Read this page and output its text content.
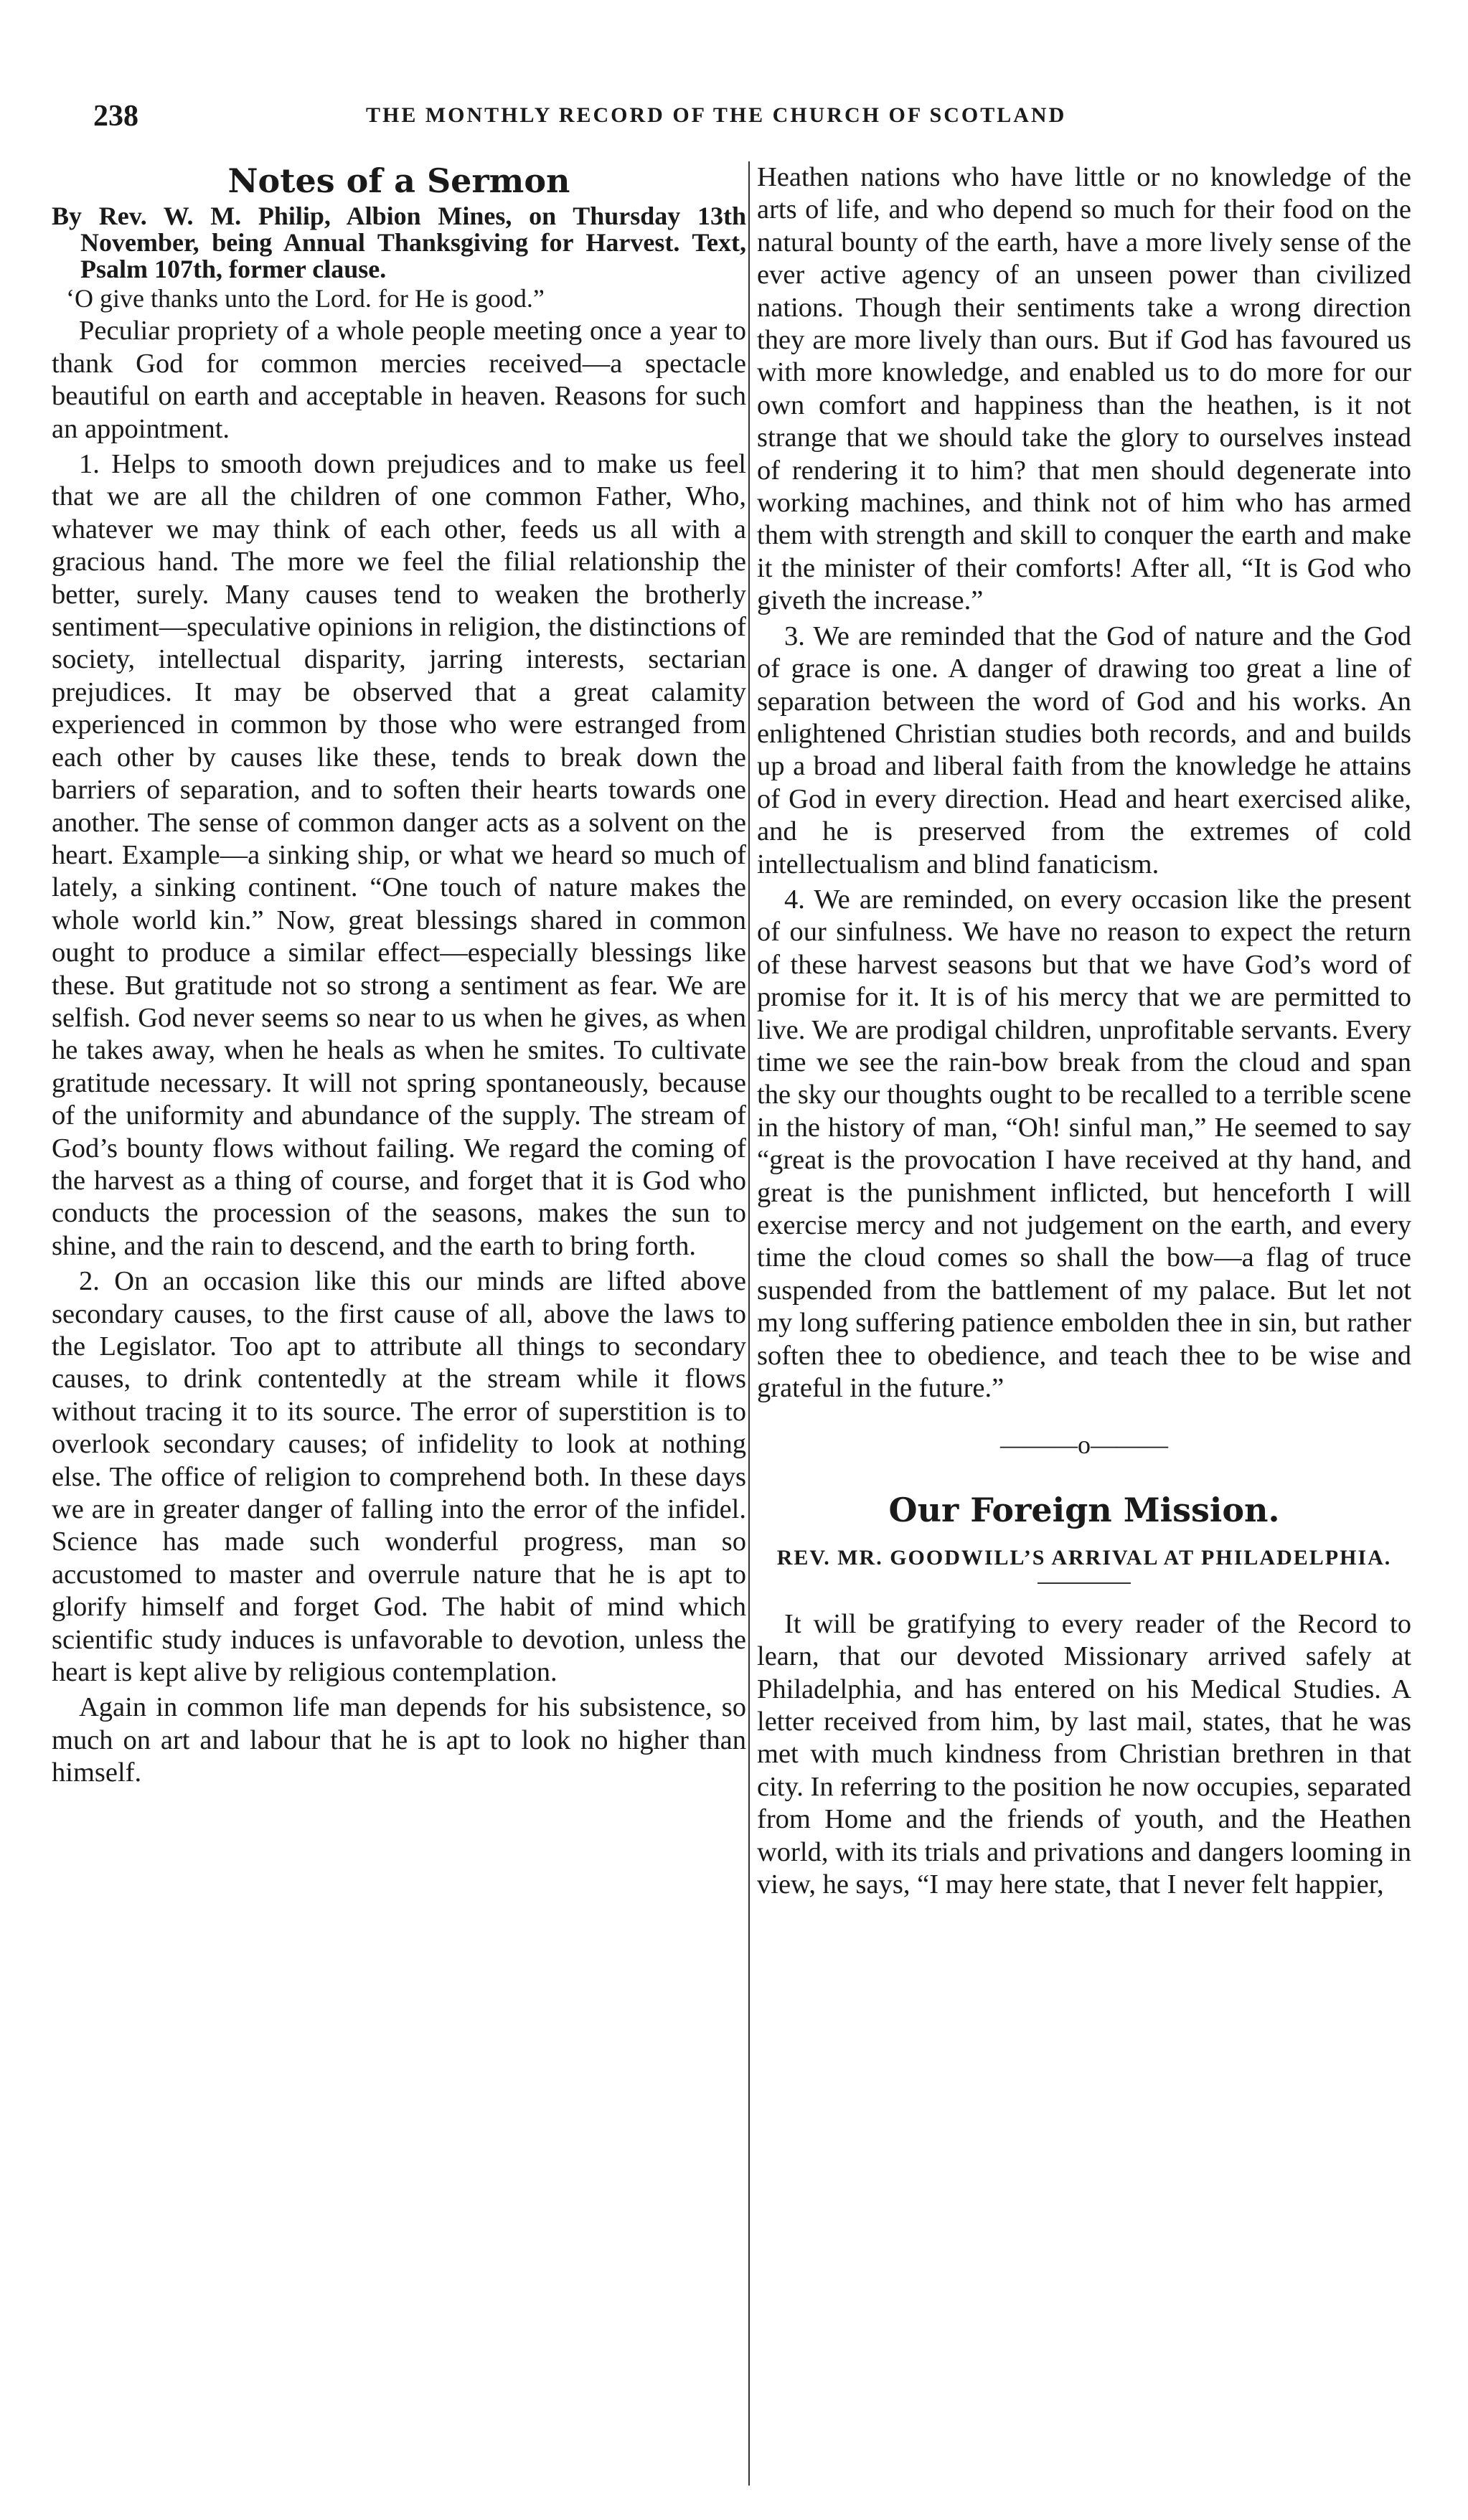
238	THE MONTHLY RECORD OF THE CHURCH OF SCOTLAND
Notes of a Sermon

By Rev. W. M. Philip, Albion Mines, on Thursday 13th November, being Annual Thanksgiving for Harvest. Text, Psalm 107th, former clause.

‘O give thanks unto the Lord. for He is good.”

Peculiar propriety of a whole people meeting once a year to thank God for common mercies received—a spectacle beautiful on earth and acceptable in heaven. Reasons for such an appointment.

1. Helps to smooth down prejudices and to make us feel that we are all the children of one common Father, Who, whatever we may think of each other, feeds us all with a gracious hand. The more we feel the filial relationship the better, surely. Many causes tend to weaken the brotherly sentiment—speculative opinions in religion, the distinctions of society, intellectual disparity, jarring interests, sectarian prejudices. It may be observed that a great calamity experienced in common by those who were estranged from each other by causes like these, tends to break down the barriers of separation, and to soften their hearts towards one another. The sense of common danger acts as a solvent on the heart. Example—a sinking ship, or what we heard so much of lately, a sinking continent. “One touch of nature makes the whole world kin.” Now, great blessings shared in common ought to produce a similar effect—especially blessings like these. But gratitude not so strong a sentiment as fear. We are selfish. God never seems so near to us when he gives, as when he takes away, when he heals as when he smites. To cultivate gratitude necessary. It will not spring spontaneously, because of the uniformity and abundance of the supply. The stream of God’s bounty flows without failing. We regard the coming of the harvest as a thing of course, and forget that it is God who conducts the procession of the seasons, makes the sun to shine, and the rain to descend, and the earth to bring forth.

2. On an occasion like this our minds are lifted above secondary causes, to the first cause of all, above the laws to the Legislator. Too apt to attribute all things to secondary causes, to drink contentedly at the stream while it flows without tracing it to its source. The error of superstition is to overlook secondary causes; of infidelity to look at nothing else. The office of religion to comprehend both. In these days we are in greater danger of falling into the error of the infidel. Science has made such wonderful progress, man so accustomed to master and overrule nature that he is apt to glorify himself and forget God. The habit of mind which scientific study induces is unfavorable to devotion, unless the heart is kept alive by religious contemplation.

Again in common life man depends for his subsistence, so much on art and labour that he is apt to look no higher than himself.

Heathen nations who have little or no knowledge of the arts of life, and who depend so much for their food on the natural bounty of the earth, have a more lively sense of the ever active agency of an unseen power than civilized nations. Though their sentiments take a wrong direction they are more lively than ours. But if God has favoured us with more knowledge, and enabled us to do more for our own comfort and happiness than the heathen, is it not strange that we should take the glory to ourselves instead of rendering it to him? that men should degenerate into working machines, and think not of him who has armed them with strength and skill to conquer the earth and make it the minister of their comforts! After all, “It is God who giveth the increase.”

3. We are reminded that the God of nature and the God of grace is one. A danger of drawing too great a line of separation between the word of God and his works. An enlightened Christian studies both records, and and builds up a broad and liberal faith from the knowledge he attains of God in every direction. Head and heart exercised alike, and he is preserved from the extremes of cold intellectualism and blind fanaticism.

4. We are reminded, on every occasion like the present of our sinfulness. We have no reason to expect the return of these harvest seasons but that we have God’s word of promise for it. It is of his mercy that we are permitted to live. We are prodigal children, unprofitable servants. Every time we see the rain-bow break from the cloud and span the sky our thoughts ought to be recalled to a terrible scene in the history of man, “Oh! sinful man,” He seemed to say “great is the provocation I have received at thy hand, and great is the punishment inflicted, but henceforth I will exercise mercy and not judgement on the earth, and every time the cloud comes so shall the bow—a flag of truce suspended from the battlement of my palace. But let not my long suffering patience embolden thee in sin, but rather soften thee to obedience, and teach thee to be wise and grateful in the future.”

———o———
Our Foreign Mission.
REV. MR. GOODWILL’S ARRIVAL AT PHILADELPHIA.

It will be gratifying to every reader of the Record to learn, that our devoted Missionary arrived safely at Philadelphia, and has entered on his Medical Studies. A letter received from him, by last mail, states, that he was met with much kindness from Christian brethren in that city. In referring to the position he now occupies, separated from Home and the friends of youth, and the Heathen world, with its trials and privations and dangers looming in view, he says, “I may here state, that I never felt happier,
